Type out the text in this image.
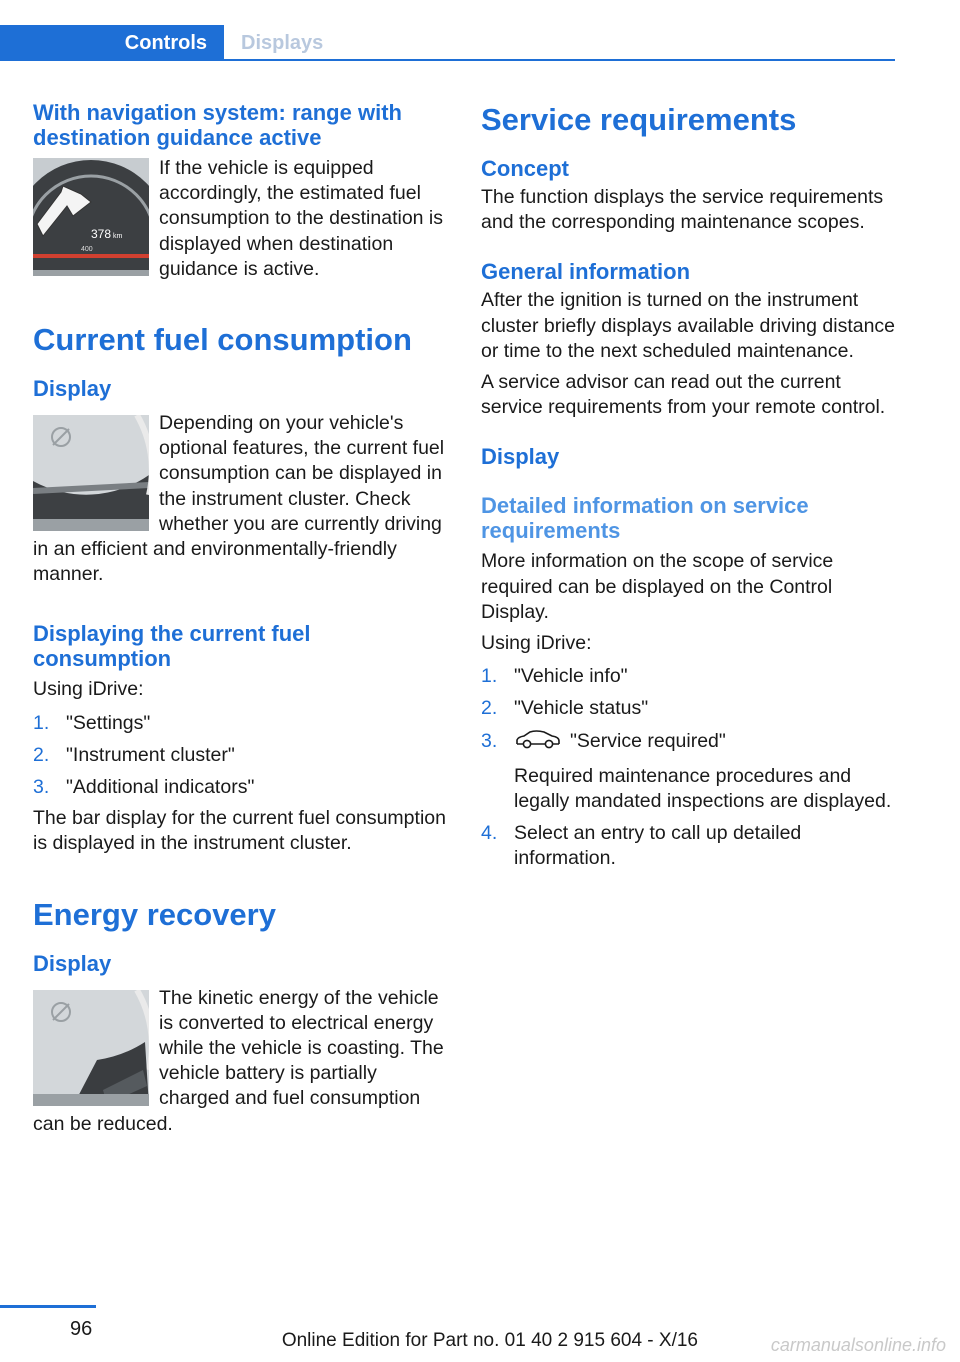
Controls	Displays
With navigation system: range with destination guidance active
378 km
400

If the vehicle is equipped accordingly, the estimated fuel consumption to the destination is displayed when destination guidance is active.

Current fuel consumption
Display

Depending on your vehicle's optional features, the current fuel consumption can be displayed in the instrument cluster. Check whether you are currently driving in an efficient and environmentally-friendly manner.

Displaying the current fuel consumption

Using iDrive:

1. "Settings"
2. "Instrument cluster"
3. "Additional indicators"

The bar display for the current fuel consumption is displayed in the instrument cluster.

Energy recovery
Display

The kinetic energy of the vehicle is converted to electrical energy while the vehicle is coasting. The vehicle battery is partially charged and fuel consumption can be reduced.

Service requirements
Concept

The function displays the service requirements and the corresponding maintenance scopes.

General information

After the ignition is turned on the instrument cluster briefly displays available driving distance or time to the next scheduled maintenance.

A service advisor can read out the current service requirements from your remote control.

Display
Detailed information on service requirements

More information on the scope of service required can be displayed on the Control Display.

Using iDrive:

1. "Vehicle info"
2. "Vehicle status"
3.	"Service required"
Required maintenance procedures and legally mandated inspections are displayed.
4. Select an entry to call up detailed information.
96
Online Edition for Part no. 01 40 2 915 604 - X/16	carmanualsonline.info
